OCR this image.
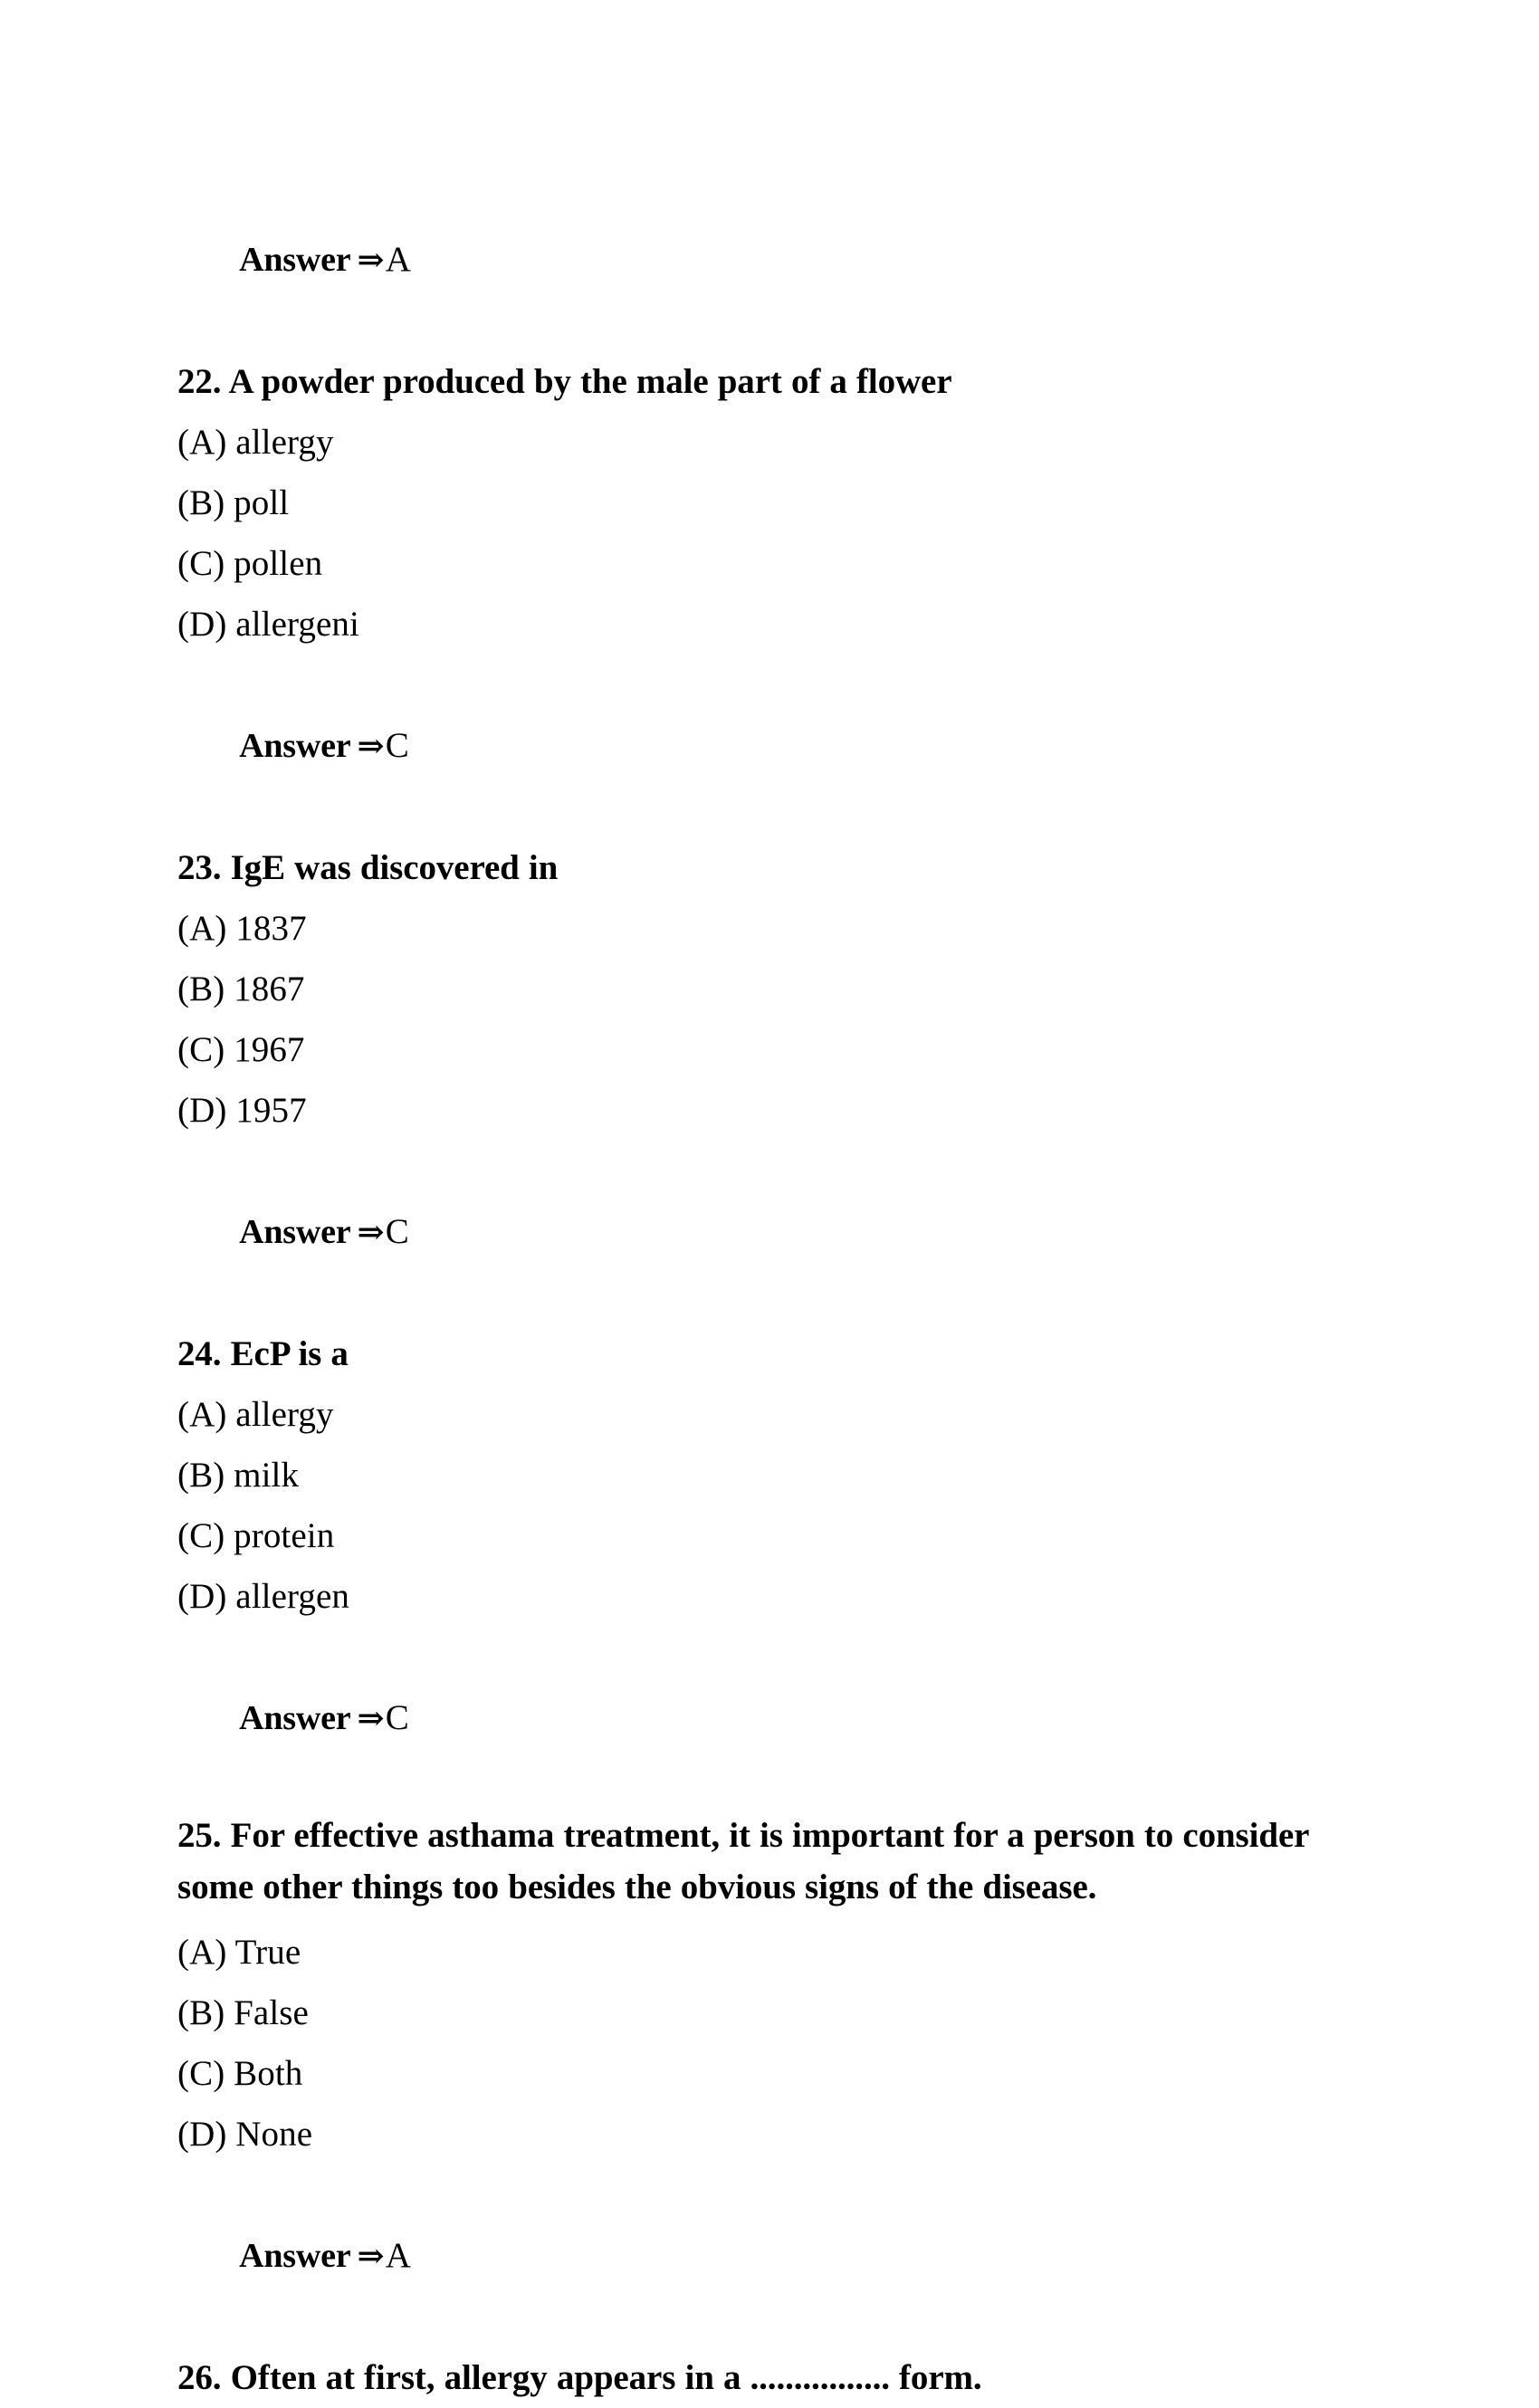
Answer ⇒A

22. A powder produced by the male part of a flower

(A) allergy

(B) poll

(C) pollen

(D) allergeni

Answer ⇒C

23. IgE was discovered in

(A) 1837

(B) 1867

(C) 1967

(D) 1957

Answer ⇒C

24. EcP is a

(A) allergy

(B) milk

(C) protein

(D) allergen

Answer ⇒C

25. For effective asthama treatment, it is important for a person to consider some other things too besides the obvious signs of the disease.

(A) True

(B) False

(C) Both

(D) None

Answer ⇒A

26. Often at first, allergy appears in a ................ form.
